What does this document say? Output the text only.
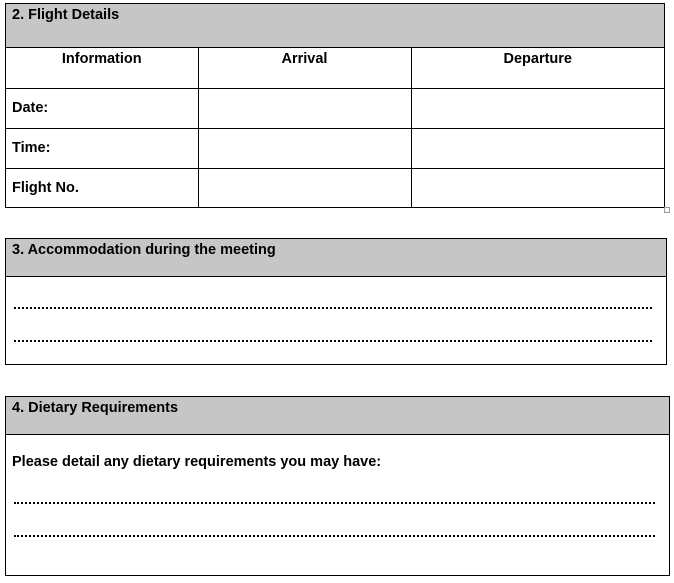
2. Flight Details
Information	Arrival	Departure
Date:		
Time:		
Flight No.		
3. Accommodation during the meeting
4. Dietary Requirements
Please detail any dietary requirements you may have:
